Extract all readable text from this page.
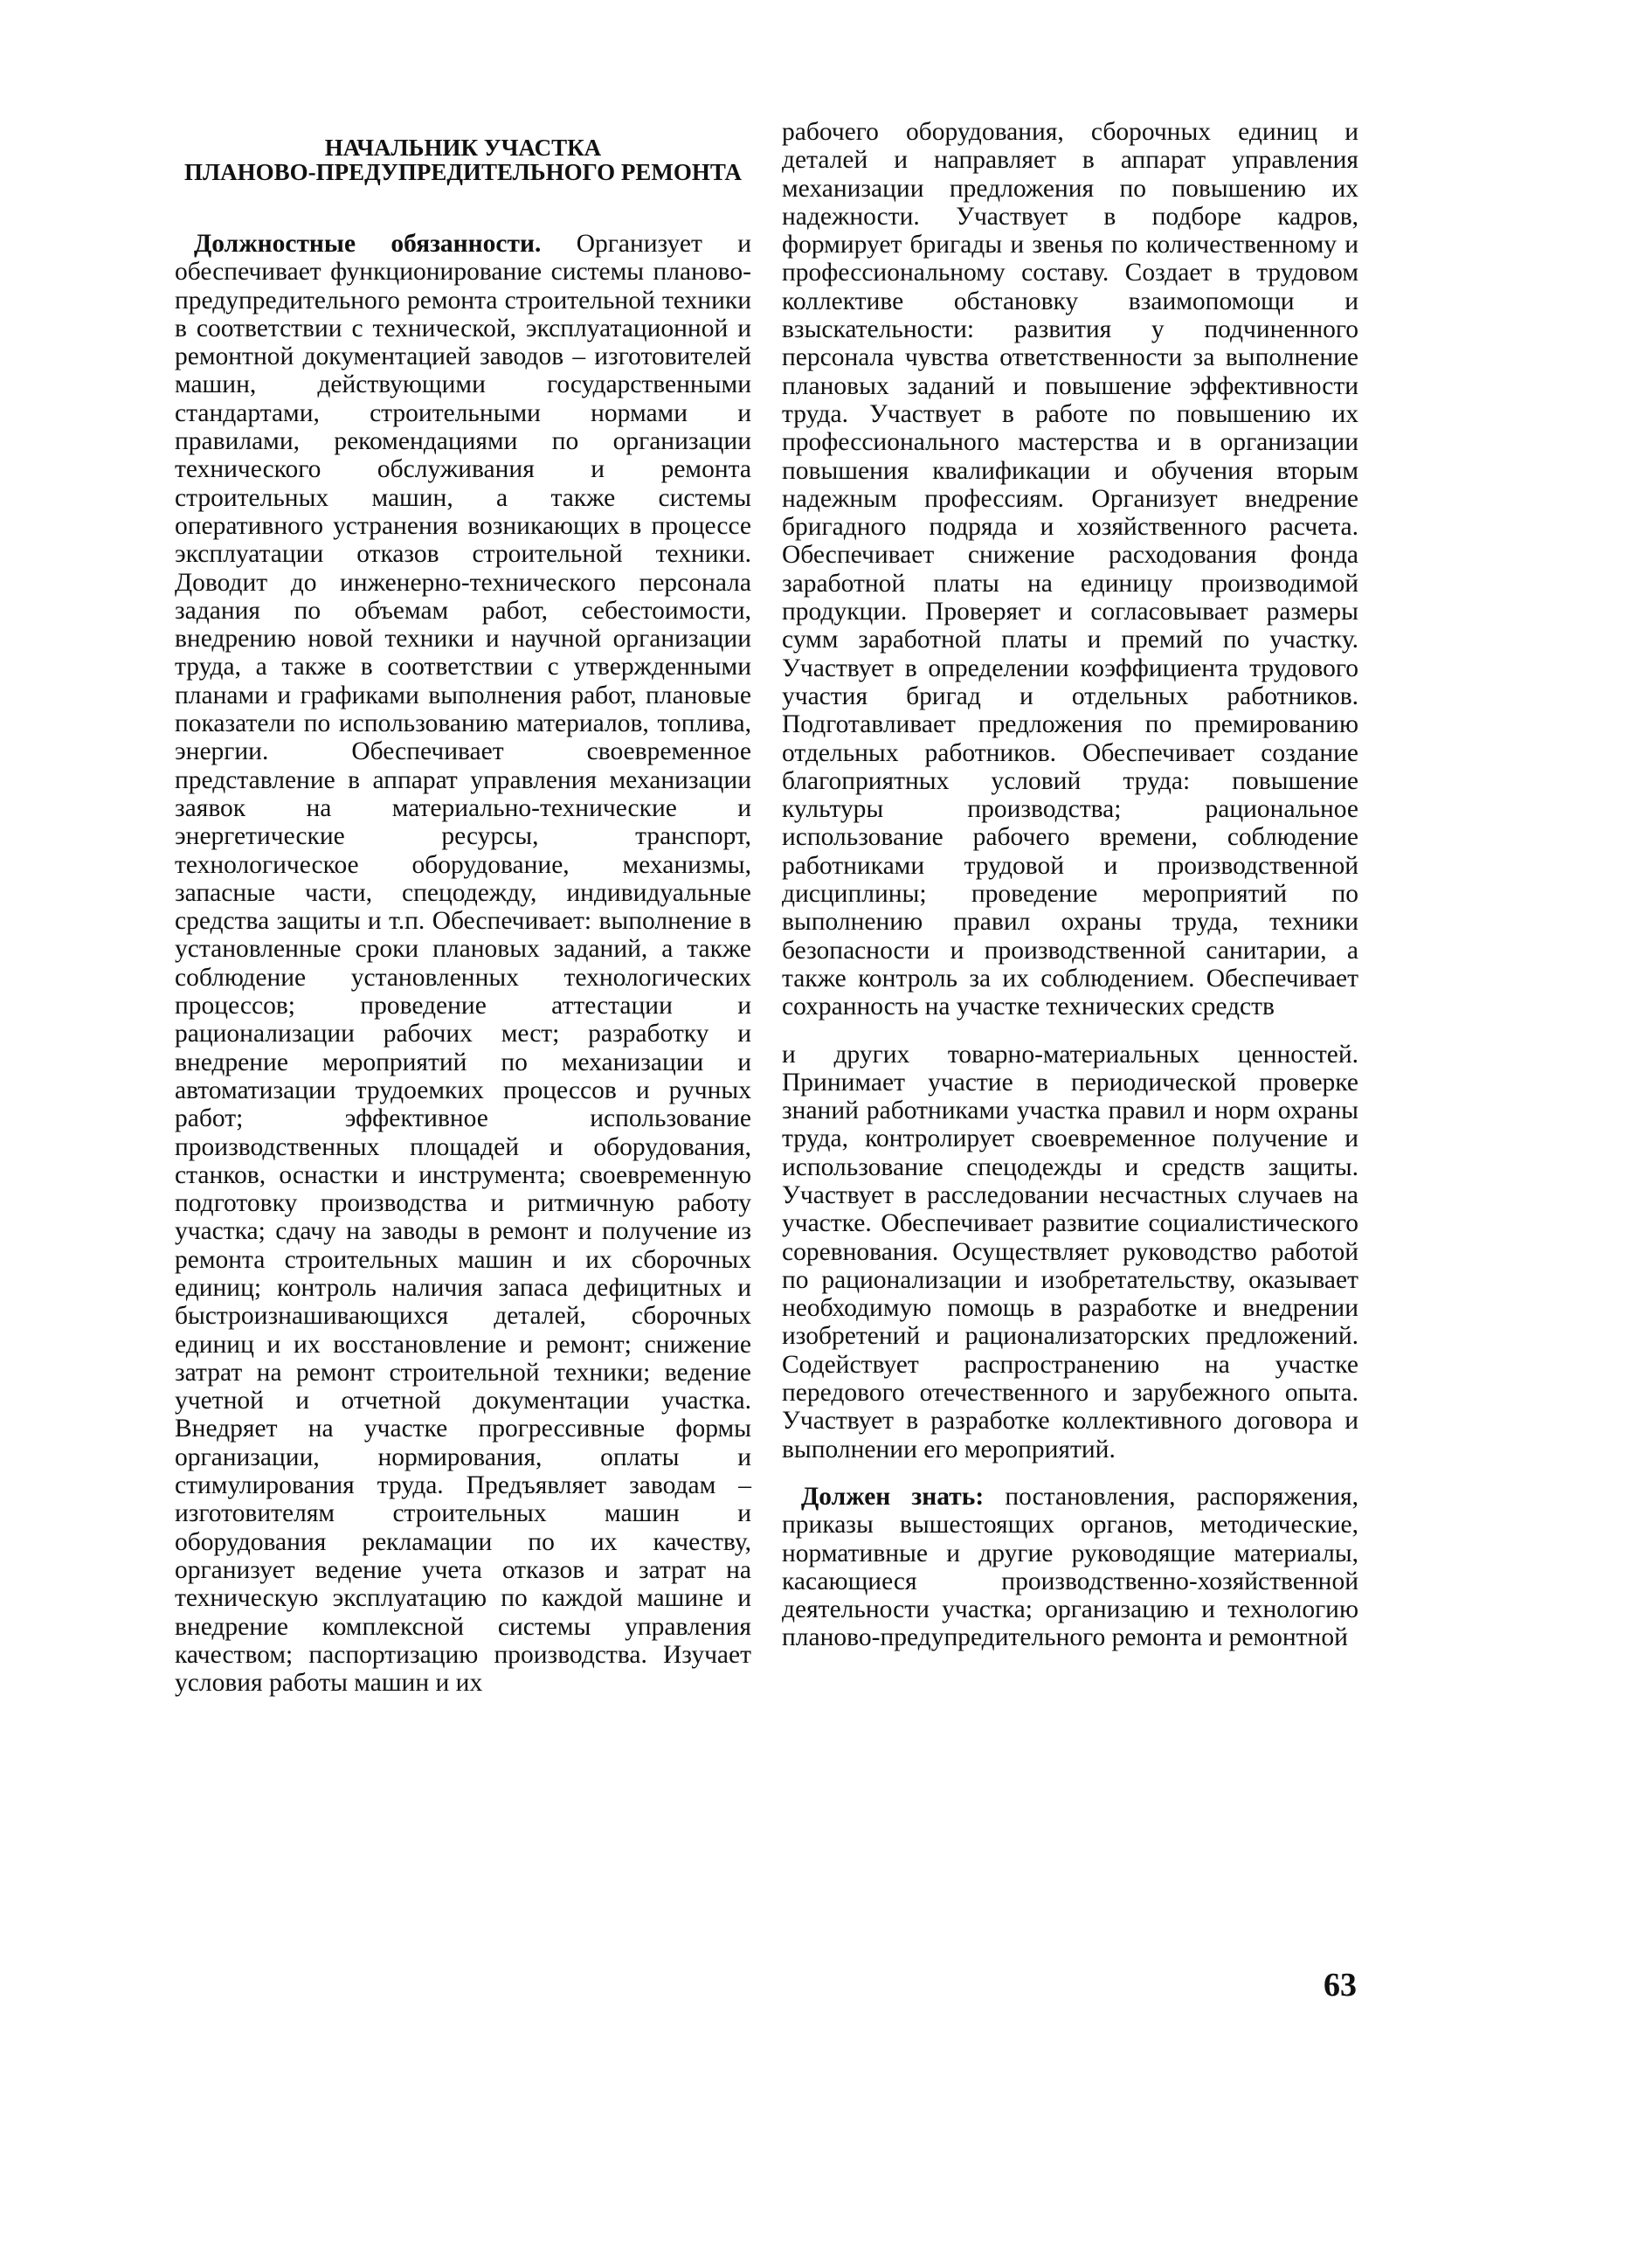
НАЧАЛЬНИК УЧАСТКА
ПЛАНОВО-ПРЕДУПРЕДИТЕЛЬНОГО РЕМОНТА

Должностные обязанности. Организует и обеспечивает функционирование системы планово-предупредительного ремонта строительной техники в соответствии с технической, эксплуатационной и ремонтной документацией заводов – изготовителей машин, действующими государственными стандартами, строительными нормами и правилами, рекомендациями по организации технического обслуживания и ремонта строительных машин, а также системы оперативного устранения возникающих в процессе эксплуатации отказов строительной техники. Доводит до инженерно-технического персонала задания по объемам работ, себестоимости, внедрению новой техники и научной организации труда, а также в соответствии с утвержденными планами и графиками выполнения работ, плановые показатели по использованию материалов, топлива, энергии. Обеспечивает своевременное представление в аппарат управления механизации заявок на материально-технические и энергетические ресурсы, транспорт, технологическое оборудование, механизмы, запасные части, спецодежду, индивидуальные средства защиты и т.п. Обеспечивает: выполнение в установленные сроки плановых заданий, а также соблюдение установленных технологических процессов; проведение аттестации и рационализации рабочих мест; разработку и внедрение мероприятий по механизации и автоматизации трудоемких процессов и ручных работ; эффективное использование производственных площадей и оборудования, станков, оснастки и инструмента; своевременную подготовку производства и ритмичную работу участка; сдачу на заводы в ремонт и получение из ремонта строительных машин и их сборочных единиц; контроль наличия запаса дефицитных и быстроизнашивающихся деталей, сборочных единиц и их восстановление и ремонт; снижение затрат на ремонт строительной техники; ведение учетной и отчетной документации участка. Внедряет на участке прогрессивные формы организации, нормирования, оплаты и стимулирования труда. Предъявляет заводам – изготовителям строительных машин и оборудования рекламации по их качеству, организует ведение учета отказов и затрат на техническую эксплуатацию по каждой машине и внедрение комплексной системы управления качеством; паспортизацию производства. Изучает условия работы машин и их

рабочего оборудования, сборочных единиц и деталей и направляет в аппарат управления механизации предложения по повышению их надежности. Участвует в подборе кадров, формирует бригады и звенья по количественному и профессиональному составу. Создает в трудовом коллективе обстановку взаимопомощи и взыскательности: развития у подчиненного персонала чувства ответственности за выполнение плановых заданий и повышение эффективности труда. Участвует в работе по повышению их профессионального мастерства и в организации повышения квалификации и обучения вторым надежным профессиям. Организует внедрение бригадного подряда и хозяйственного расчета. Обеспечивает снижение расходования фонда заработной платы на единицу производимой продукции. Проверяет и согласовывает размеры сумм заработной платы и премий по участку. Участвует в определении коэффициента трудового участия бригад и отдельных работников. Подготавливает предложения по премированию отдельных работников. Обеспечивает создание благоприятных условий труда: повышение культуры производства; рациональное использование рабочего времени, соблюдение работниками трудовой и производственной дисциплины; проведение мероприятий по выполнению правил охраны труда, техники безопасности и производственной санитарии, а также контроль за их соблюдением. Обеспечивает сохранность на участке технических средств

и других товарно-материальных ценностей. Принимает участие в периодической проверке знаний работниками участка правил и норм охраны труда, контролирует своевременное получение и использование спецодежды и средств защиты. Участвует в расследовании несчастных случаев на участке. Обеспечивает развитие социалистического соревнования. Осуществляет руководство работой по рационализации и изобретательству, оказывает необходимую помощь в разработке и внедрении изобретений и рационализаторских предложений. Содействует распространению на участке передового отечественного и зарубежного опыта. Участвует в разработке коллективного договора и выполнении его мероприятий.

Должен знать: постановления, распоряжения, приказы вышестоящих органов, методические, нормативные и другие руководящие материалы, касающиеся производственно-хозяйственной деятельности участка; организацию и технологию планово-предупредительного ремонта и ремонтной

63
